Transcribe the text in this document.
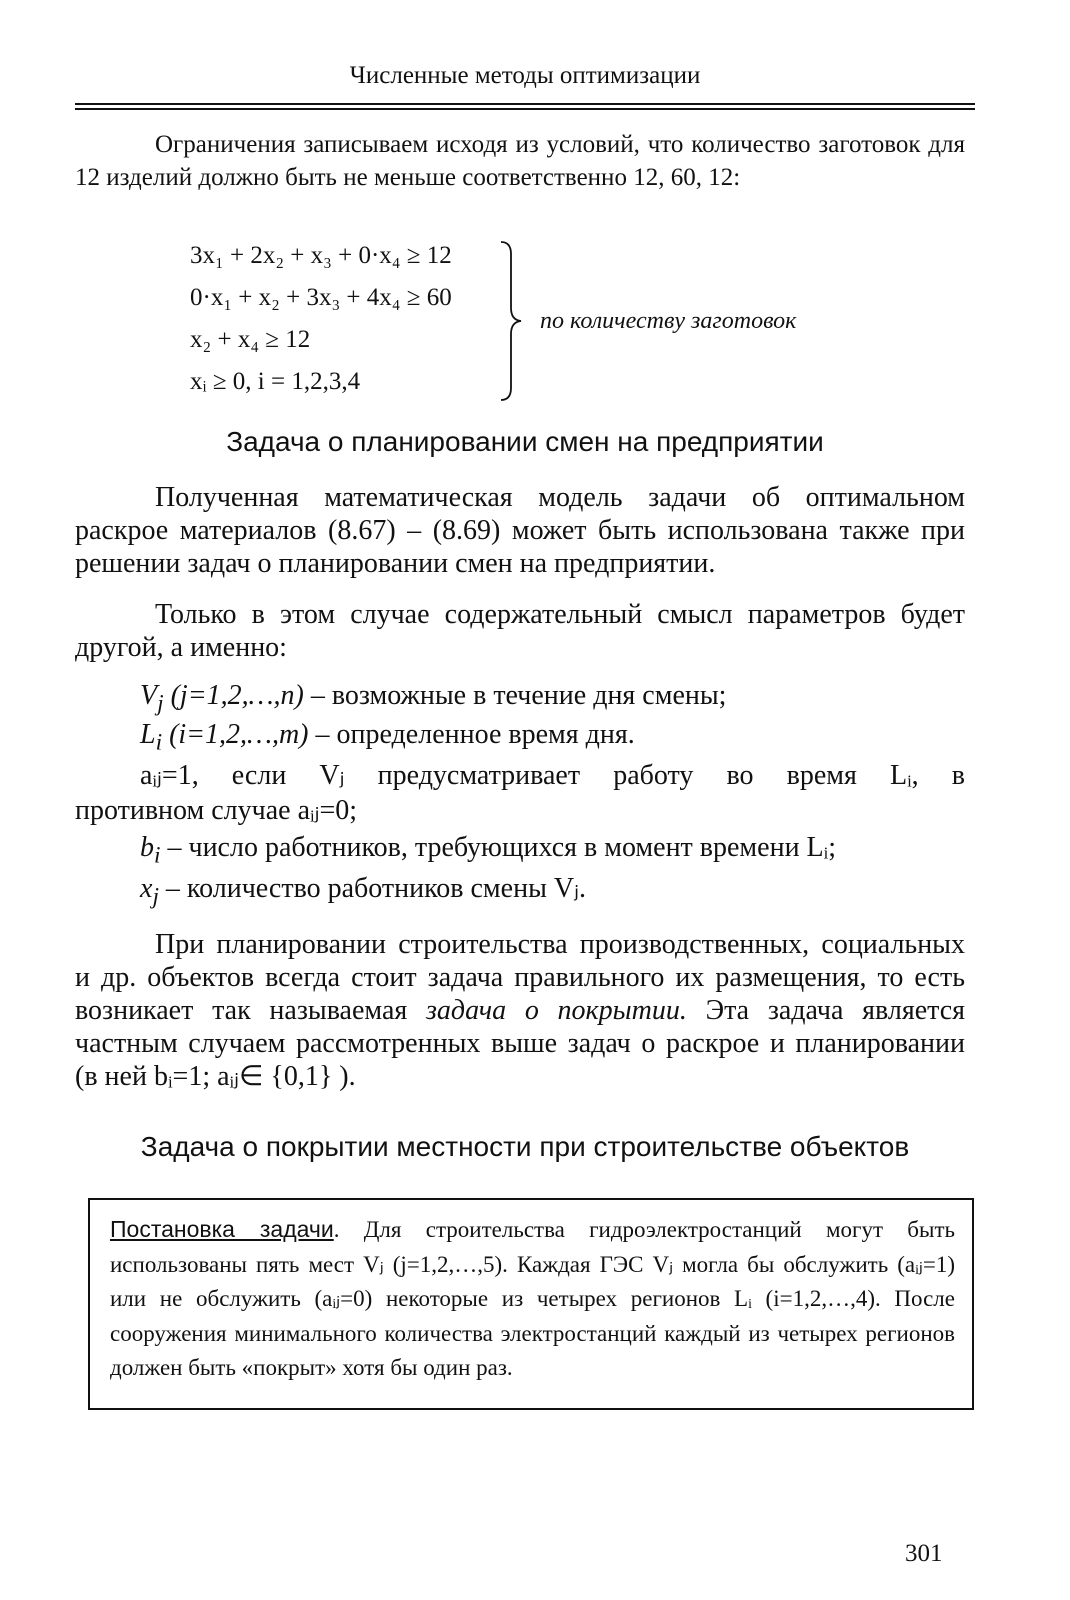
Численные методы оптимизации

Ограничения записываем исходя из условий, что количество заготовок для 12 изделий должно быть не меньше соответственно 12, 60, 12:

3x₁ + 2x₂ + x₃ + 0·x₄ ≥ 12
0·x₁ + x₂ + 3x₃ + 4x₄ ≥ 60
x₂ + x₄ ≥ 12
xᵢ ≥ 0, i = 1,2,3,4
по количеству заготовок
Задача о планировании смен на предприятии

Полученная математическая модель задачи об оптимальном раскрое материалов (8.67) – (8.69) может быть использована также при решении задач о планировании смен на предприятии.

Только в этом случае содержательный смысл параметров будет другой, а именно:

$V_j$ (j=1,2,…,n) – возможные в течение дня смены;
$L_i$ (i=1,2,…,m) – определенное время дня.
aᵢⱼ=1, если Vⱼ предусматривает работу во время Lᵢ, в
противном случае aᵢⱼ=0;
$b_i$ – число работников, требующихся в момент времени Lᵢ;
$x_j$ – количество работников смены Vⱼ.

При планировании строительства производственных, социальных и др. объектов всегда стоит задача правильного их размещения, то есть возникает так называемая задача о покрытии. Эта задача является частным случаем рассмотренных выше задач о раскрое и планировании (в ней bᵢ=1; aᵢⱼ∈ {0,1} ).

Задача о покрытии местности при строительстве объектов
Постановка задачи. Для строительства гидроэлектростанций могут быть использованы пять мест Vⱼ (j=1,2,…,5). Каждая ГЭС Vⱼ могла бы обслужить (aᵢⱼ=1) или не обслужить (aᵢⱼ=0) некоторые из четырех регионов Lᵢ (i=1,2,…,4). После сооружения минимального количества электростанций каждый из четырех регионов должен быть «покрыт» хотя бы один раз.
301
